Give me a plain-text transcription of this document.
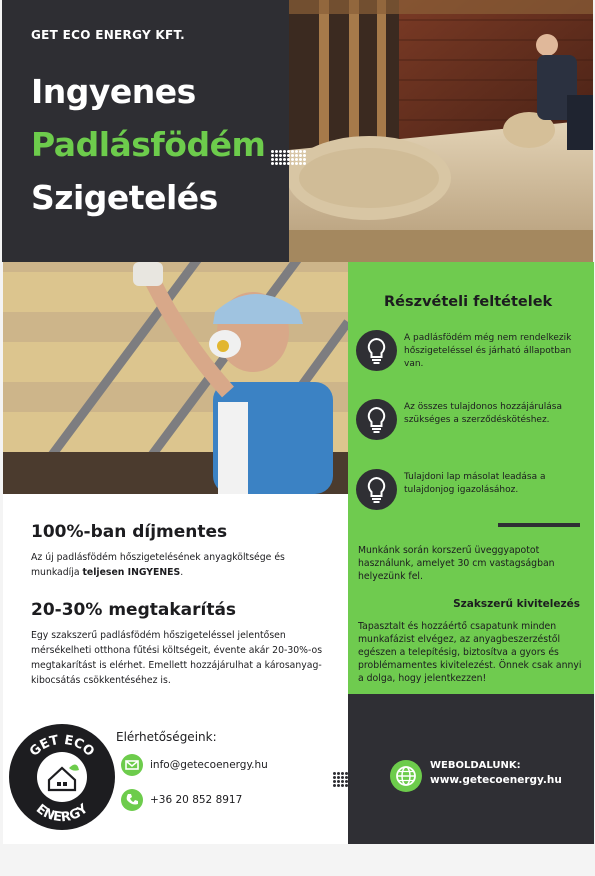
GET ECO ENERGY KFT.
Ingyenes
Padlásfödém
Szigetelés
Részvételi feltételek
A padlásfödém még nem rendelkezik hőszigeteléssel és járható állapotban van.
Az összes tulajdonos hozzájárulása szükséges a szerződéskötéshez.
Tulajdoni lap másolat leadása a tulajdonjog igazolásához.
Munkánk során korszerű üveggyapotot használunk, amelyet 30 cm vastagságban helyezünk fel.
Szakszerű kivitelezés
Tapasztalt és hozzáértő csapatunk minden munkafázist elvégez, az anyagbeszerzéstől egészen a telepítésig, biztosítva a gyors és problémamentes kivitelezést. Önnek csak annyi a dolga, hogy jelentkezzen!
100%-ban díjmentes
Az új padlásfödém hőszigetelésének anyagköltsége és munkadíja teljesen INGYENES.
20-30% megtakarítás
Egy szakszerű padlásfödém hőszigeteléssel jelentősen mérsékelheti otthona fűtési költségeit, évente akár 20-30%-os megtakarítást is elérhet. Emellett hozzájárulhat a károsanyag-kibocsátás csökkentéséhez is.
GET ECO
ENERGY
Elérhetőségeink:
info@getecoenergy.hu
+36 20 852 8917
WEBOLDALUNK:
www.getecoenergy.hu
